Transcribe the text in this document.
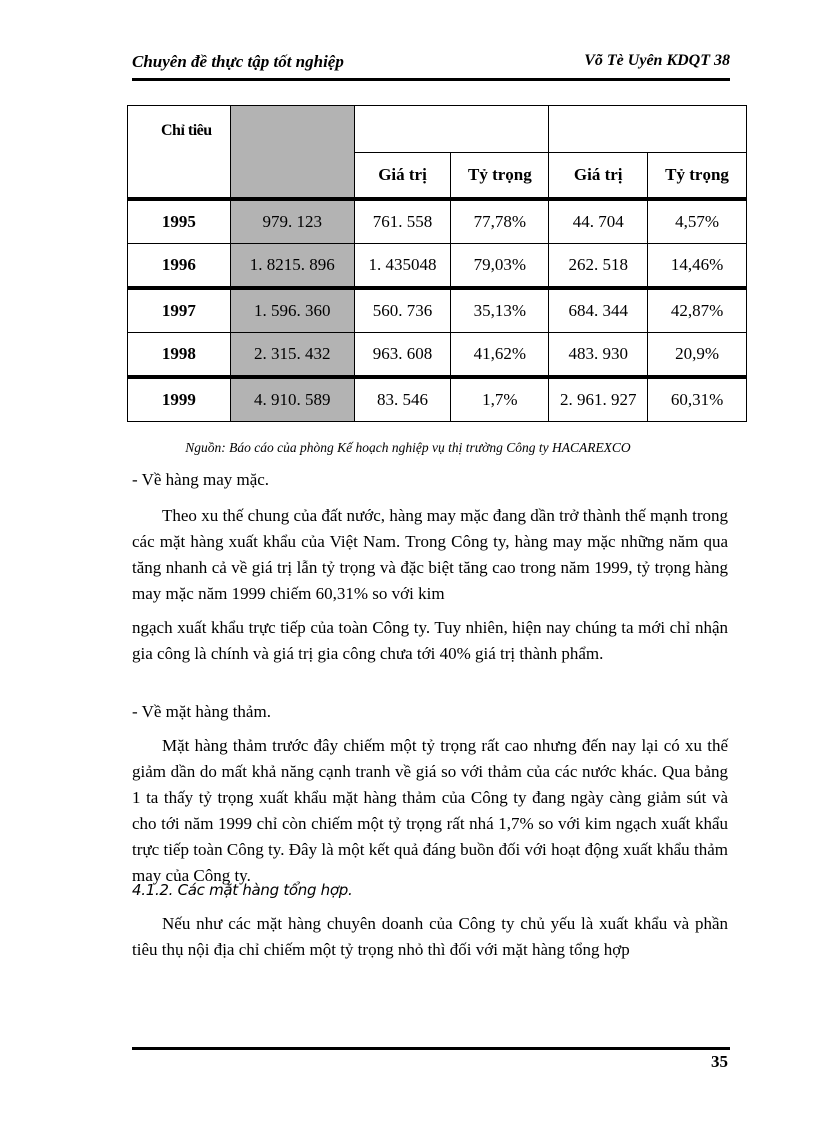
Chuyên đề thực tập tốt nghiệp	Võ Tè Uyên KDQT 38
Chỉ tiêu					
		Giá trị	Tỷ trọng	Giá trị	Tỷ trọng
1995	979. 123	761. 558	77,78%	44. 704	4,57%
1996	1. 8215. 896	1. 435048	79,03%	262. 518	14,46%
1997	1. 596. 360	560. 736	35,13%	684. 344	42,87%
1998	2. 315. 432	963. 608	41,62%	483. 930	20,9%
1999	4. 910. 589	83. 546	1,7%	2. 961. 927	60,31%
Nguồn: Báo cáo của phòng Kế hoạch nghiệp vụ thị trường Công ty HACAREXCO
- Về hàng may mặc.
Theo xu thế chung của đất nước, hàng may mặc đang dần trở thành thế mạnh trong các mặt hàng xuất khẩu của Việt Nam. Trong Công ty, hàng may mặc những năm qua tăng nhanh cả về giá trị lẫn tỷ trọng và đặc biệt tăng cao trong năm 1999, tỷ trọng hàng may mặc năm 1999 chiếm 60,31% so với kim
ngạch xuất khẩu trực tiếp của toàn Công ty. Tuy nhiên, hiện nay chúng ta mới chỉ nhận gia công là chính và giá trị gia công chưa tới 40% giá trị thành phẩm.
- Về mặt hàng thảm.
Mặt hàng thảm trước đây chiếm một tỷ trọng rất cao nhưng đến nay lại có xu thế giảm dần do mất khả năng cạnh tranh về giá so với thảm của các nước khác. Qua bảng 1 ta thấy tỷ trọng xuất khẩu mặt hàng thảm của Công ty đang ngày càng giảm sút và cho tới năm 1999 chỉ còn chiếm một tỷ trọng rất nhá 1,7% so với kim ngạch xuất khẩu trực tiếp toàn Công ty. Đây là một kết quả đáng buồn đối với hoạt động xuất khẩu thảm may của Công ty.
4.1.2. Các mặt hàng tổng hợp.
Nếu như các mặt hàng chuyên doanh của Công ty chủ yếu là xuất khẩu và phần tiêu thụ nội địa chỉ chiếm một tỷ trọng nhỏ thì đối với mặt hàng tổng hợp
35
